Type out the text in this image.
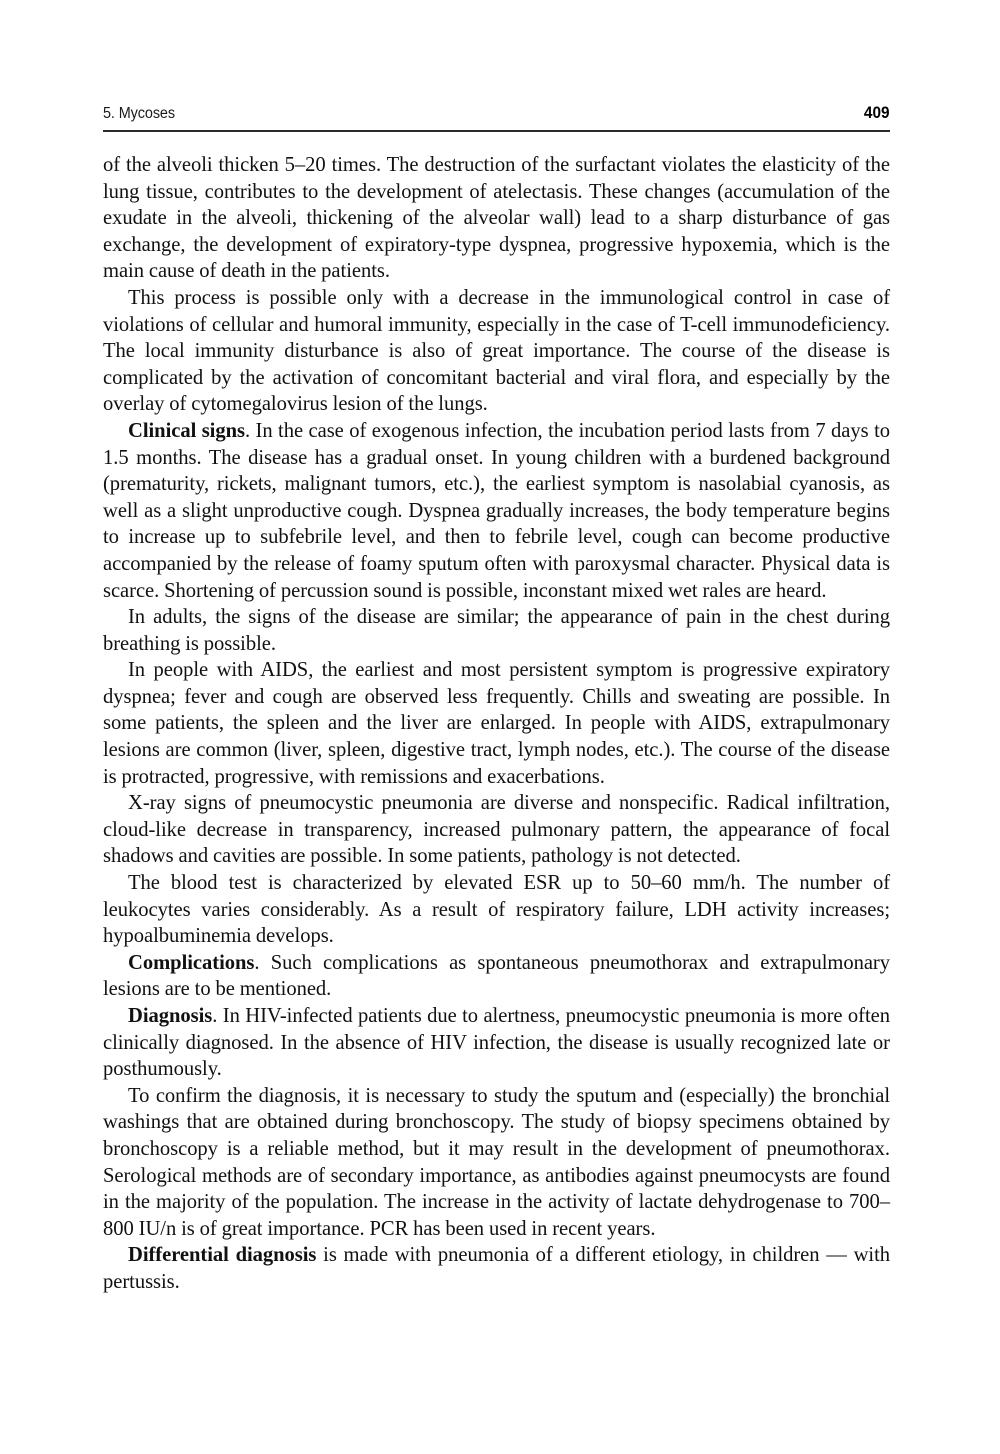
5. Mycoses	409

of the alveoli thicken 5–20 times. The destruction of the surfactant violates the elasticity of the lung tissue, contributes to the development of atelectasis. These changes (accumulation of the exudate in the alveoli, thickening of the alveolar wall) lead to a sharp disturbance of gas exchange, the development of expiratory-type dyspnea, progressive hypoxemia, which is the main cause of death in the patients.

This process is possible only with a decrease in the immunological control in case of violations of cellular and humoral immunity, especially in the case of T-cell immunodeficiency. The local immunity disturbance is also of great importance. The course of the disease is complicated by the activation of concomitant bacterial and viral flora, and especially by the overlay of cytomegalovirus lesion of the lungs.

Clinical signs. In the case of exogenous infection, the incubation period lasts from 7 days to 1.5 months. The disease has a gradual onset. In young children with a burdened background (prematurity, rickets, malignant tumors, etc.), the earliest symptom is nasolabial cyanosis, as well as a slight unproductive cough. Dyspnea gradually increases, the body temperature begins to increase up to subfebrile level, and then to febrile level, cough can become productive accompanied by the release of foamy sputum often with paroxysmal character. Physical data is scarce. Shortening of percussion sound is possible, inconstant mixed wet rales are heard.

In adults, the signs of the disease are similar; the appearance of pain in the chest during breathing is possible.

In people with AIDS, the earliest and most persistent symptom is progressive expiratory dyspnea; fever and cough are observed less frequently. Chills and sweating are possible. In some patients, the spleen and the liver are enlarged. In people with AIDS, extrapulmonary lesions are common (liver, spleen, digestive tract, lymph nodes, etc.). The course of the disease is protracted, progressive, with remissions and exacerbations.

X-ray signs of pneumocystic pneumonia are diverse and nonspecific. Radical infiltration, cloud-like decrease in transparency, increased pulmonary pattern, the appearance of focal shadows and cavities are possible. In some patients, pathology is not detected.

The blood test is characterized by elevated ESR up to 50–60 mm/h. The number of leukocytes varies considerably. As a result of respiratory failure, LDH activity increases; hypoalbuminemia develops.

Complications. Such complications as spontaneous pneumothorax and extrapulmonary lesions are to be mentioned.

Diagnosis. In HIV-infected patients due to alertness, pneumocystic pneumonia is more often clinically diagnosed. In the absence of HIV infection, the disease is usually recognized late or posthumously.

To confirm the diagnosis, it is necessary to study the sputum and (especially) the bronchial washings that are obtained during bronchoscopy. The study of biopsy specimens obtained by bronchoscopy is a reliable method, but it may result in the development of pneumothorax. Serological methods are of secondary importance, as antibodies against pneumocysts are found in the majority of the population. The increase in the activity of lactate dehydrogenase to 700–800 IU/n is of great importance. PCR has been used in recent years.

Differential diagnosis is made with pneumonia of a different etiology, in children — with pertussis.
